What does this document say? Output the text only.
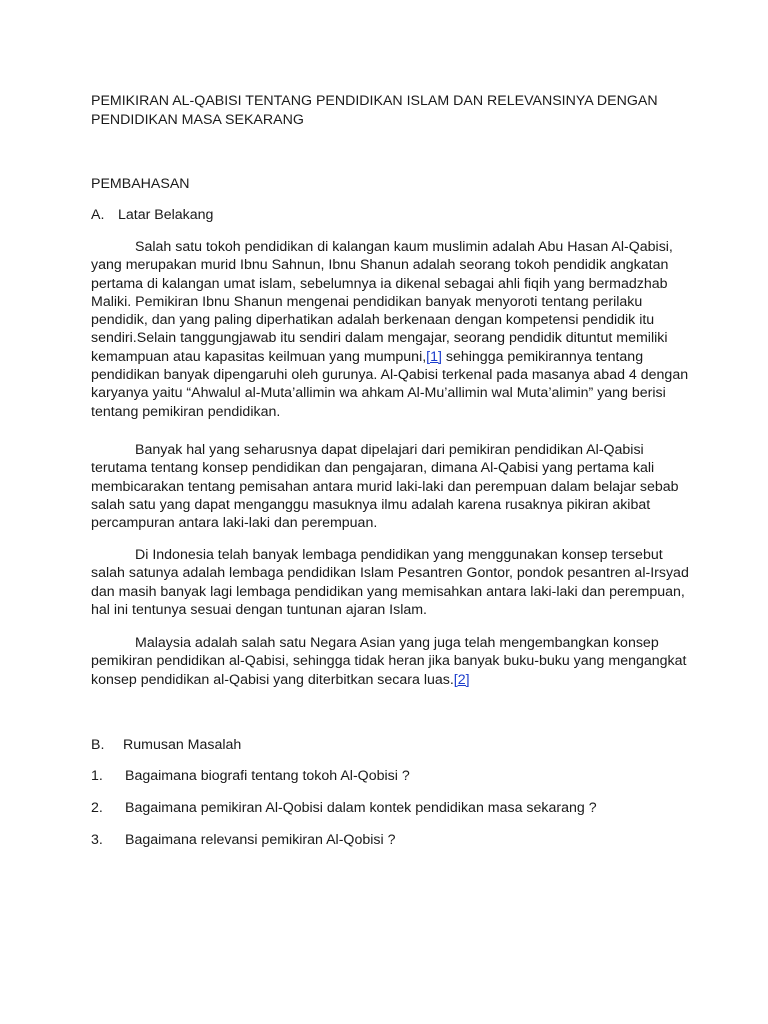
PEMIKIRAN AL-QABISI TENTANG PENDIDIKAN ISLAM DAN RELEVANSINYA DENGAN
PENDIDIKAN MASA SEKARANG
PEMBAHASAN
A. Latar Belakang
Salah satu tokoh pendidikan di kalangan kaum muslimin adalah Abu Hasan Al-Qabisi,
yang merupakan murid Ibnu Sahnun, Ibnu Shanun adalah seorang tokoh pendidik angkatan
pertama di kalangan umat islam, sebelumnya ia dikenal sebagai ahli fiqih yang bermadzhab
Maliki. Pemikiran Ibnu Shanun mengenai pendidikan banyak menyoroti tentang perilaku
pendidik, dan yang paling diperhatikan adalah berkenaan dengan kompetensi pendidik itu
sendiri.Selain tanggungjawab itu sendiri dalam mengajar, seorang pendidik dituntut memiliki
kemampuan atau kapasitas keilmuan yang mumpuni,[1] sehingga pemikirannya tentang
pendidikan banyak dipengaruhi oleh gurunya. Al-Qabisi terkenal pada masanya abad 4 dengan
karyanya yaitu “Ahwalul al-Muta’allimin wa ahkam Al-Mu’allimin wal Muta’alimin” yang berisi
tentang pemikiran pendidikan.
Banyak hal yang seharusnya dapat dipelajari dari pemikiran pendidikan Al-Qabisi
terutama tentang konsep pendidikan dan pengajaran, dimana Al-Qabisi yang pertama kali
membicarakan tentang pemisahan antara murid laki-laki dan perempuan dalam belajar sebab
salah satu yang dapat menganggu masuknya ilmu adalah karena rusaknya pikiran akibat
percampuran antara laki-laki dan perempuan.
Di Indonesia telah banyak lembaga pendidikan yang menggunakan konsep tersebut
salah satunya adalah lembaga pendidikan Islam Pesantren Gontor, pondok pesantren al-Irsyad
dan masih banyak lagi lembaga pendidikan yang memisahkan antara laki-laki dan perempuan,
hal ini tentunya sesuai dengan tuntunan ajaran Islam.
Malaysia adalah salah satu Negara Asian yang juga telah mengembangkan konsep
pemikiran pendidikan al-Qabisi, sehingga tidak heran jika banyak buku-buku yang mengangkat
konsep pendidikan al-Qabisi yang diterbitkan secara luas.[2]
B. Rumusan Masalah
1. Bagaimana biografi tentang tokoh Al-Qobisi ?
2. Bagaimana pemikiran Al-Qobisi dalam kontek pendidikan masa sekarang ?
3. Bagaimana relevansi pemikiran Al-Qobisi ?
